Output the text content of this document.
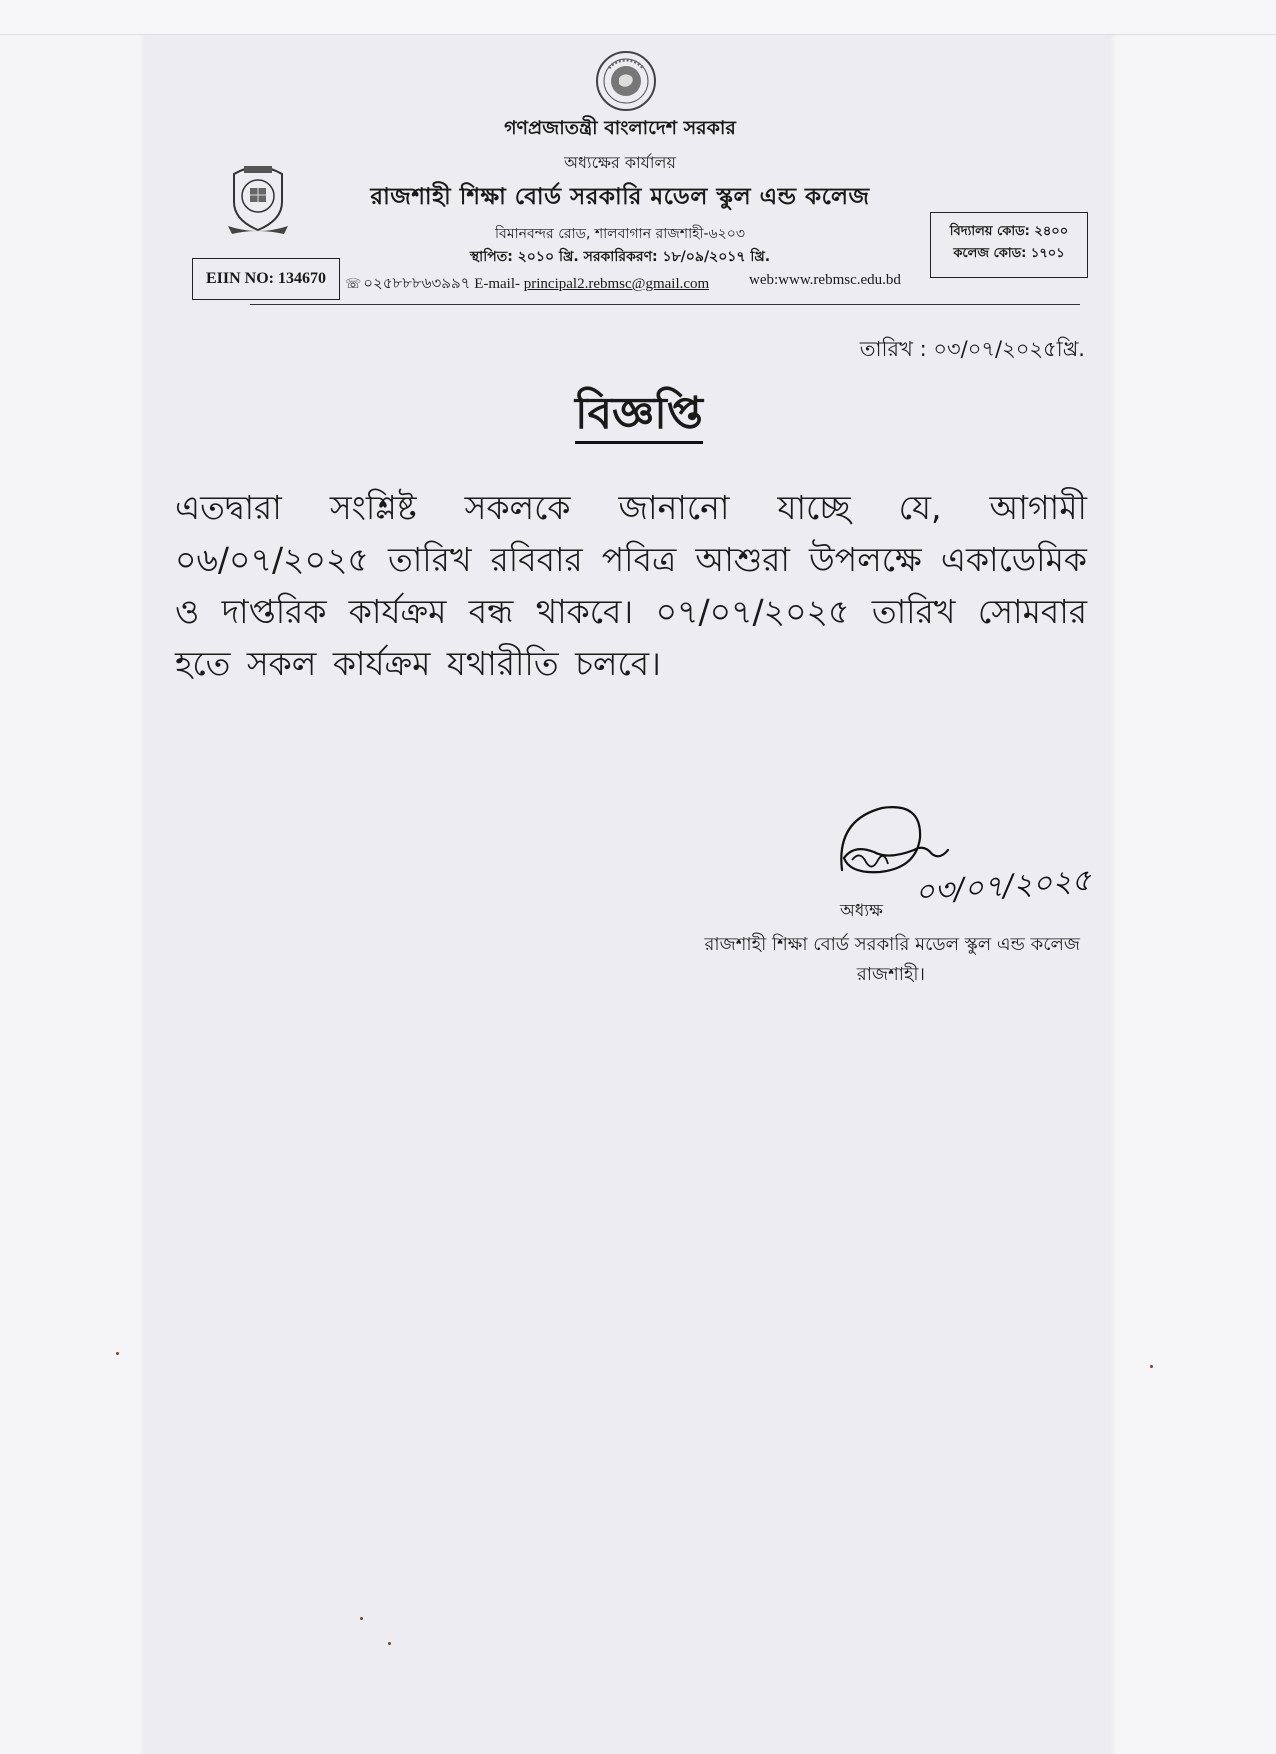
গণপ্রজাতন্ত্রী বাংলাদেশ সরকার
অধ্যক্ষের কার্যালয়
রাজশাহী শিক্ষা বোর্ড সরকারি মডেল স্কুল এন্ড কলেজ
বিমানবন্দর রোড, শালবাগান রাজশাহী-৬২০৩
স্থাপিত: ২০১০ খ্রি. সরকারিকরণ: ১৮/০৯/২০১৭ খ্রি.
EIIN NO: 134670
বিদ্যালয় কোড: ২৪০০
কলেজ কোড: ১৭০১
☏ ০২৫৮৮৮৬৩৯৯৭ E-mail- principal2.rebmsc@gmail.com	web:www.rebmsc.edu.bd
তারিখ : ০৩/০৭/২০২৫খ্রি.
বিজ্ঞপ্তি
এতদ্বারা সংশ্লিষ্ট সকলকে জানানো যাচ্ছে যে, আগামী ০৬/০৭/২০২৫ তারিখ রবিবার পবিত্র আশুরা উপলক্ষে একাডেমিক ও দাপ্তরিক কার্যক্রম বন্ধ থাকবে। ০৭/০৭/২০২৫ তারিখ সোমবার হতে সকল কার্যক্রম যথারীতি চলবে।
০৩/০৭/২০২৫
অধ্যক্ষ
রাজশাহী শিক্ষা বোর্ড সরকারি মডেল স্কুল এন্ড কলেজ
রাজশাহী।
